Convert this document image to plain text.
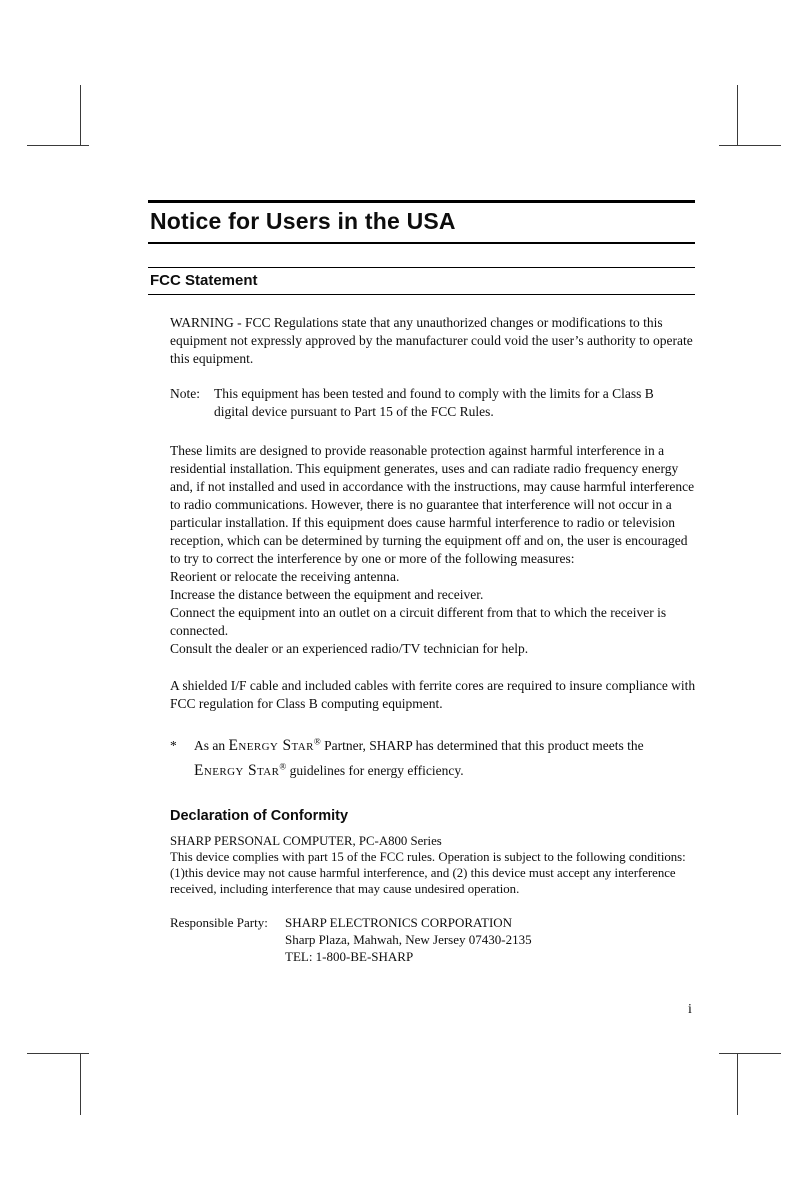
Notice for Users in the USA
FCC Statement

WARNING - FCC Regulations state that any unauthorized changes or modifications to this equipment not expressly approved by the manufacturer could void the user’s authority to operate this equipment.

Note:	This equipment has been tested and found to comply with the limits for a Class B digital device pursuant to Part 15 of the FCC Rules.

These limits are designed to provide reasonable protection against harmful interference in a residential installation. This equipment generates, uses and can radiate radio frequency energy and, if not installed and used in accordance with the instructions, may cause harmful interference to radio communications. However, there is no guarantee that interference will not occur in a particular installation. If this equipment does cause harmful interference to radio or television reception, which can be determined by turning the equipment off and on, the user is encouraged to try to correct the interference by one or more of the following measures:

Reorient or relocate the receiving antenna.

Increase the distance between the equipment and receiver.

Connect the equipment into an outlet on a circuit different from that to which the receiver is connected.

Consult the dealer or an experienced radio/TV technician for help.

A shielded I/F cable and included cables with ferrite cores are required to insure compliance with FCC regulation for Class B computing equipment.

*	As an Energy Star® Partner, SHARP has determined that this product meets the Energy Star® guidelines for energy efficiency.
Declaration of Conformity

SHARP PERSONAL COMPUTER, PC-A800 Series

This device complies with part 15 of the FCC rules. Operation is subject to the following conditions:(1)this device may not cause harmful interference, and (2) this device must accept any interference received, including interference that may cause undesired operation.

Responsible Party:	SHARP ELECTRONICS CORPORATION

Sharp Plaza, Mahwah, New Jersey 07430-2135

TEL: 1-800-BE-SHARP

i
